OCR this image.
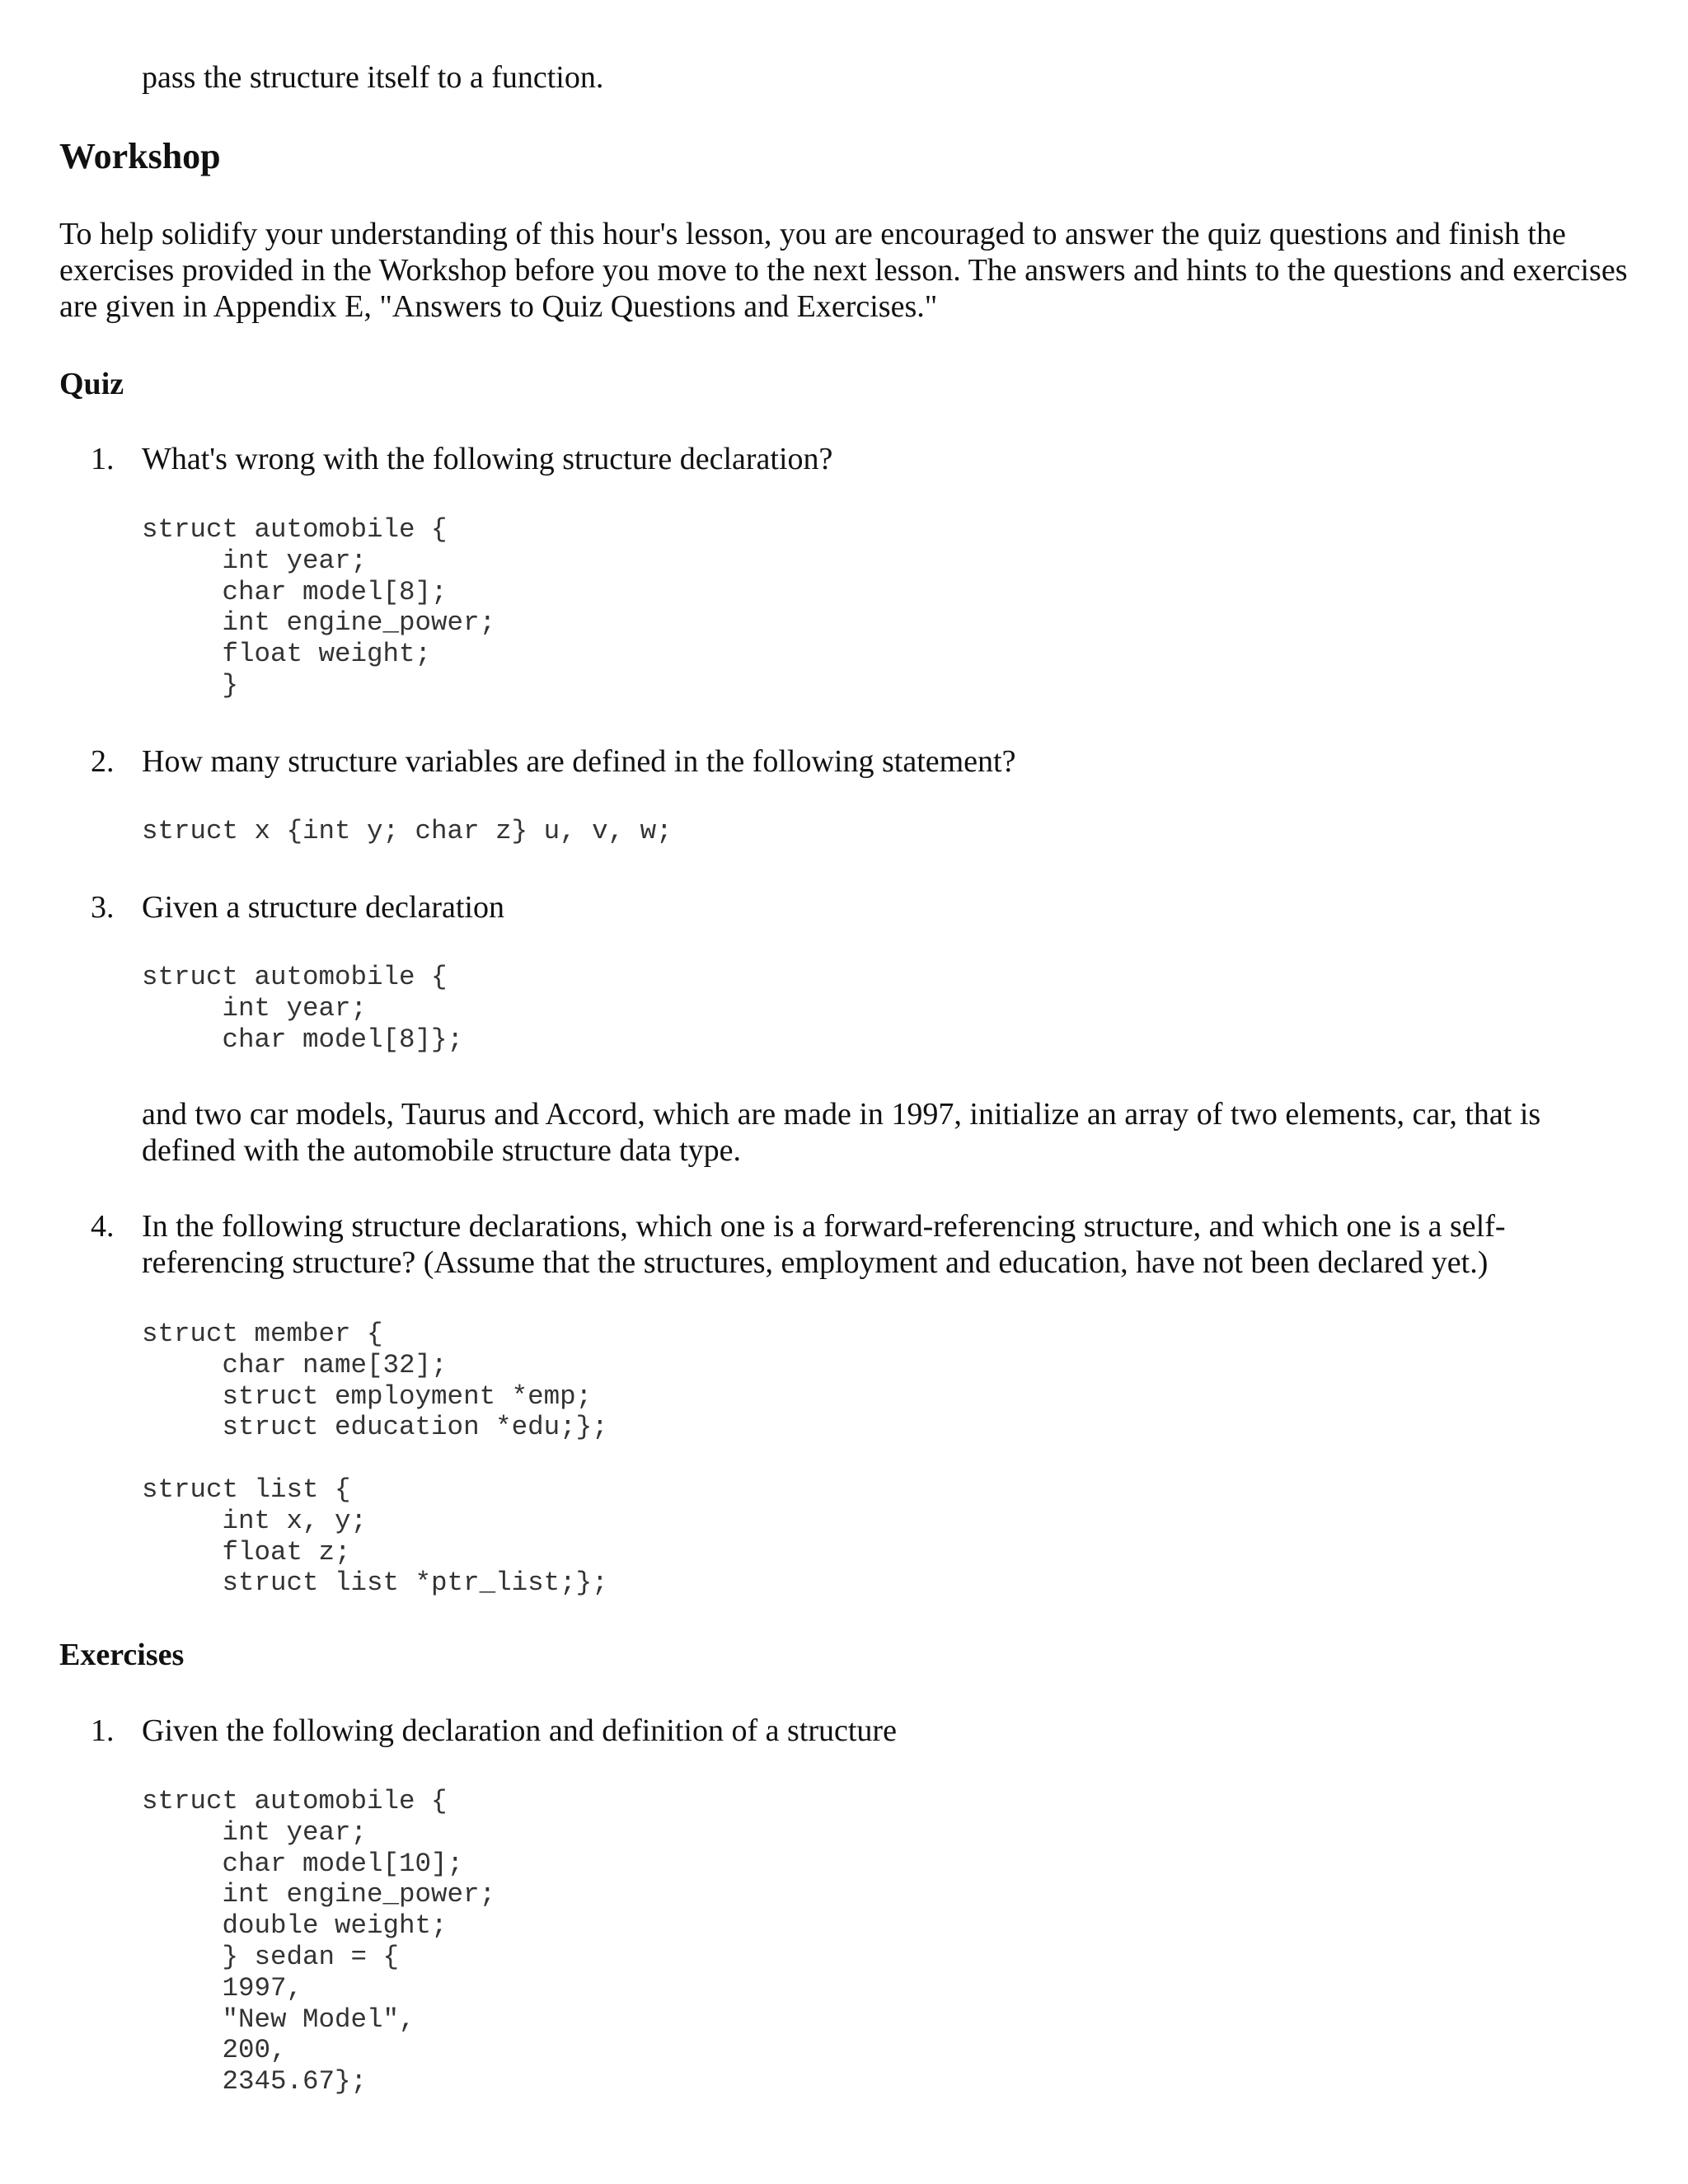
pass the structure itself to a function.

Workshop

To help solidify your understanding of this hour's lesson, you are encouraged to answer the quiz questions and finish the exercises provided in the Workshop before you move to the next lesson. The answers and hints to the questions and exercises are given in Appendix E, "Answers to Quiz Questions and Exercises."

Quiz
1. What's wrong with the following structure declaration?

struct automobile {
int year;
char model[8];
int engine_power;
float weight;
}
2. How many structure variables are defined in the following statement?

struct x {int y; char z} u, v, w;
3. Given a structure declaration

struct automobile {
int year;
char model[8]};

and two car models, Taurus and Accord, which are made in 1997, initialize an array of two elements, car, that is defined with the automobile structure data type.

4. In the following structure declarations, which one is a forward-referencing structure, and which one is a self-referencing structure? (Assume that the structures, employment and education, have not been declared yet.)

struct member {
char name[32];
struct employment *emp;
struct education *edu;};
struct list {
int x, y;
float z;
struct list *ptr_list;};
Exercises
1. Given the following declaration and definition of a structure

struct automobile {
int year;
char model[10];
int engine_power;
double weight;
} sedan = {
1997,
"New Model",
200,
2345.67};
